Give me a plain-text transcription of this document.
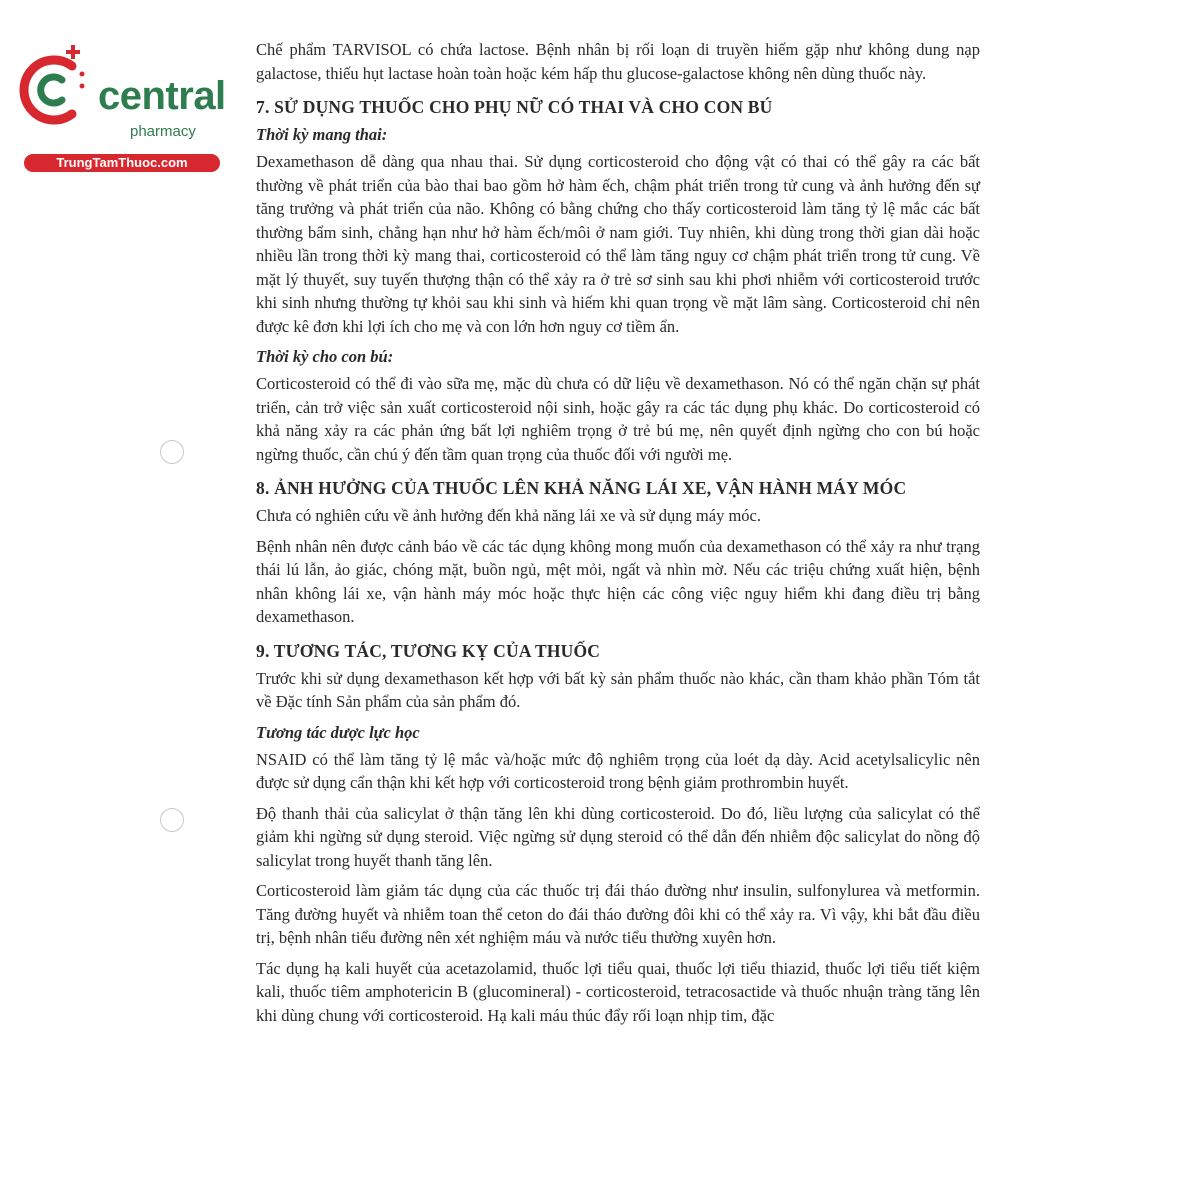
central
pharmacy
TrungTamThuoc.com

Chế phẩm TARVISOL có chứa lactose. Bệnh nhân bị rối loạn di truyền hiếm gặp như không dung nạp galactose, thiếu hụt lactase hoàn toàn hoặc kém hấp thu glucose-galactose không nên dùng thuốc này.

7. SỬ DỤNG THUỐC CHO PHỤ NỮ CÓ THAI VÀ CHO CON BÚ
Thời kỳ mang thai:

Dexamethason dễ dàng qua nhau thai. Sử dụng corticosteroid cho động vật có thai có thể gây ra các bất thường về phát triển của bào thai bao gồm hở hàm ếch, chậm phát triển trong tử cung và ảnh hưởng đến sự tăng trưởng và phát triển của não. Không có bằng chứng cho thấy corticosteroid làm tăng tỷ lệ mắc các bất thường bẩm sinh, chẳng hạn như hở hàm ếch/môi ở nam giới. Tuy nhiên, khi dùng trong thời gian dài hoặc nhiều lần trong thời kỳ mang thai, corticosteroid có thể làm tăng nguy cơ chậm phát triển trong tử cung. Về mặt lý thuyết, suy tuyến thượng thận có thể xảy ra ở trẻ sơ sinh sau khi phơi nhiễm với corticosteroid trước khi sinh nhưng thường tự khỏi sau khi sinh và hiếm khi quan trọng về mặt lâm sàng. Corticosteroid chỉ nên được kê đơn khi lợi ích cho mẹ và con lớn hơn nguy cơ tiềm ẩn.

Thời kỳ cho con bú:

Corticosteroid có thể đi vào sữa mẹ, mặc dù chưa có dữ liệu về dexamethason. Nó có thể ngăn chặn sự phát triển, cản trở việc sản xuất corticosteroid nội sinh, hoặc gây ra các tác dụng phụ khác. Do corticosteroid có khả năng xảy ra các phản ứng bất lợi nghiêm trọng ở trẻ bú mẹ, nên quyết định ngừng cho con bú hoặc ngừng thuốc, cần chú ý đến tầm quan trọng của thuốc đối với người mẹ.

8. ẢNH HƯỞNG CỦA THUỐC LÊN KHẢ NĂNG LÁI XE, VẬN HÀNH MÁY MÓC

Chưa có nghiên cứu về ảnh hưởng đến khả năng lái xe và sử dụng máy móc.

Bệnh nhân nên được cảnh báo về các tác dụng không mong muốn của dexamethason có thể xảy ra như trạng thái lú lẫn, ảo giác, chóng mặt, buồn ngủ, mệt mỏi, ngất và nhìn mờ. Nếu các triệu chứng xuất hiện, bệnh nhân không lái xe, vận hành máy móc hoặc thực hiện các công việc nguy hiểm khi đang điều trị bằng dexamethason.

9. TƯƠNG TÁC, TƯƠNG KỴ CỦA THUỐC

Trước khi sử dụng dexamethason kết hợp với bất kỳ sản phẩm thuốc nào khác, cần tham khảo phần Tóm tắt về Đặc tính Sản phẩm của sản phẩm đó.

Tương tác dược lực học

NSAID có thể làm tăng tỷ lệ mắc và/hoặc mức độ nghiêm trọng của loét dạ dày. Acid acetylsalicylic nên được sử dụng cẩn thận khi kết hợp với corticosteroid trong bệnh giảm prothrombin huyết.

Độ thanh thải của salicylat ở thận tăng lên khi dùng corticosteroid. Do đó, liều lượng của salicylat có thể giảm khi ngừng sử dụng steroid. Việc ngừng sử dụng steroid có thể dẫn đến nhiễm độc salicylat do nồng độ salicylat trong huyết thanh tăng lên.

Corticosteroid làm giảm tác dụng của các thuốc trị đái tháo đường như insulin, sulfonylurea và metformin. Tăng đường huyết và nhiễm toan thể ceton do đái tháo đường đôi khi có thể xảy ra. Vì vậy, khi bắt đầu điều trị, bệnh nhân tiểu đường nên xét nghiệm máu và nước tiểu thường xuyên hơn.

Tác dụng hạ kali huyết của acetazolamid, thuốc lợi tiểu quai, thuốc lợi tiểu thiazid, thuốc lợi tiểu tiết kiệm kali, thuốc tiêm amphotericin B (glucomineral) - corticosteroid, tetracosactide và thuốc nhuận tràng tăng lên khi dùng chung với corticosteroid. Hạ kali máu thúc đẩy rối loạn nhịp tim, đặc
